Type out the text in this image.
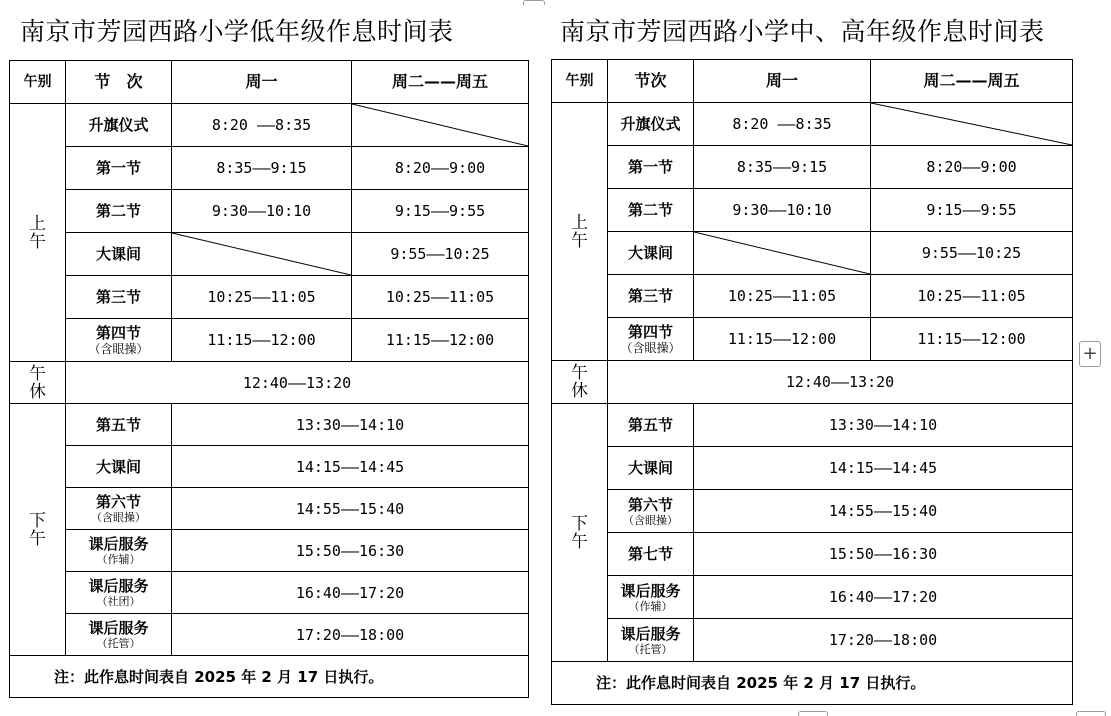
南京市芳园西路小学低年级作息时间表
午别	节　次	周一	周二——周五

上
午	升旗仪式	8:20 ——8:35	

	第一节	8:35——9:15	8:20——9:00
	第二节	9:30——10:10	9:15——9:55
	大课间		9:55——10:25
	第三节	10:25——11:05	10:25——11:05
	第四节
（含眼操）	11:15——12:00	11:15——12:00

午
休	12:40——13:20		

下
午	第五节	13:30——14:10	
	大课间	14:15——14:45	
	第六节
（含眼操）	14:55——15:40	
	课后服务
（作辅）	15:50——16:30	
	课后服务
（社团）	16:40——17:20	
	课后服务
（托管）	17:20——18:00	
注：此作息时间表自 2025 年 2 月 17 日执行。			
南京市芳园西路小学中、高年级作息时间表
午别	节次	周一	周二——周五

上
午	升旗仪式	8:20 ——8:35	

	第一节	8:35——9:15	8:20——9:00
	第二节	9:30——10:10	9:15——9:55
	大课间		9:55——10:25
	第三节	10:25——11:05	10:25——11:05
	第四节
（含眼操）	11:15——12:00	11:15——12:00

午
休	12:40——13:20		

下
午	第五节	13:30——14:10	
	大课间	14:15——14:45	
	第六节
（含眼操）	14:55——15:40	
	第七节	15:50——16:30	
	课后服务
（作辅）	16:40——17:20	
	课后服务
（托管）	17:20——18:00	
注：此作息时间表自 2025 年 2 月 17 日执行。			
+
